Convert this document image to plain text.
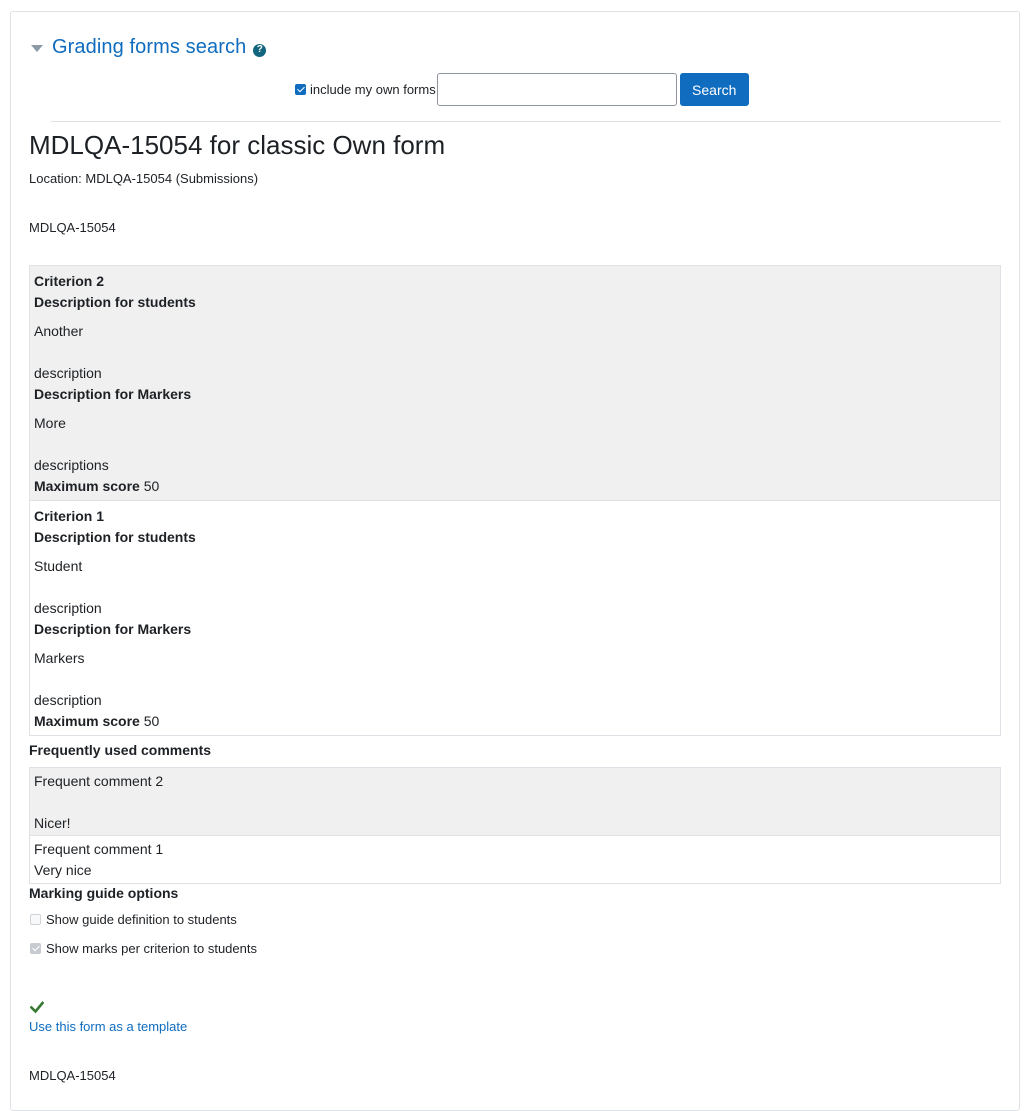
Grading forms search	?
include my own forms	Search
MDLQA-15054 for classic Own form
Location: MDLQA-15054 (Submissions)
MDLQA-15054
Criterion 2
Description for students
Another
description
Description for Markers
More
descriptions
Maximum score 50
Criterion 1
Description for students
Student
description
Description for Markers
Markers
description
Maximum score 50
Frequently used comments
Frequent comment 2
Nicer!
Frequent comment 1
Very nice
Marking guide options
Show guide definition to students
Show marks per criterion to students
Use this form as a template
MDLQA-15054
